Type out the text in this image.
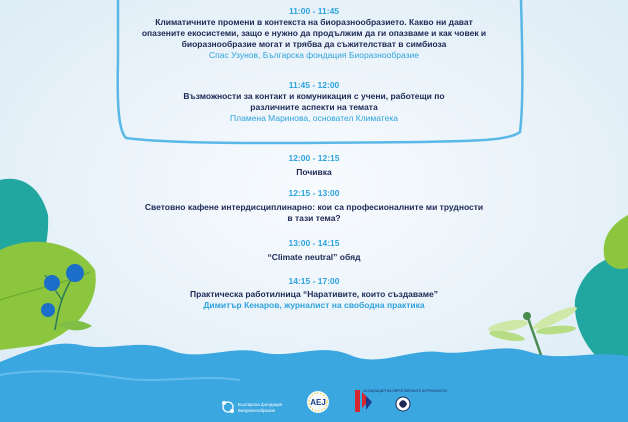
11:00 - 11:45
Климатичните промени в контекста на биоразнообразието. Какво ни дават
опазените екосистеми, защо е нужно да продължим да ги опазваме и как човек и
биоразнообразие могат и трябва да съжителстват в симбиоза
Спас Узунов, Българска фондация Биоразнообразие
11:45 - 12:00
Възможности за контакт и комуникация с учени, работещи по
различните аспекти на темата
Пламена Маринова, основател Климатека
12:00 - 12:15
Почивка
12:15 - 13:00
Световно кафене интердисциплинарно: кои са професионалните ми трудности
в тази тема?
13:00 - 14:15
“Climate neutral” обяд
14:15 - 17:00
Практическа работилница “Наративите, които създаваме”
Димитър Кенаров, журналист на свободна практика
Българска фондация
Биоразнообразие
AEJ
АСОЦИАЦИЯ НА ЕВРОПЕЙСКИТЕ ЖУРНАЛИСТИ
